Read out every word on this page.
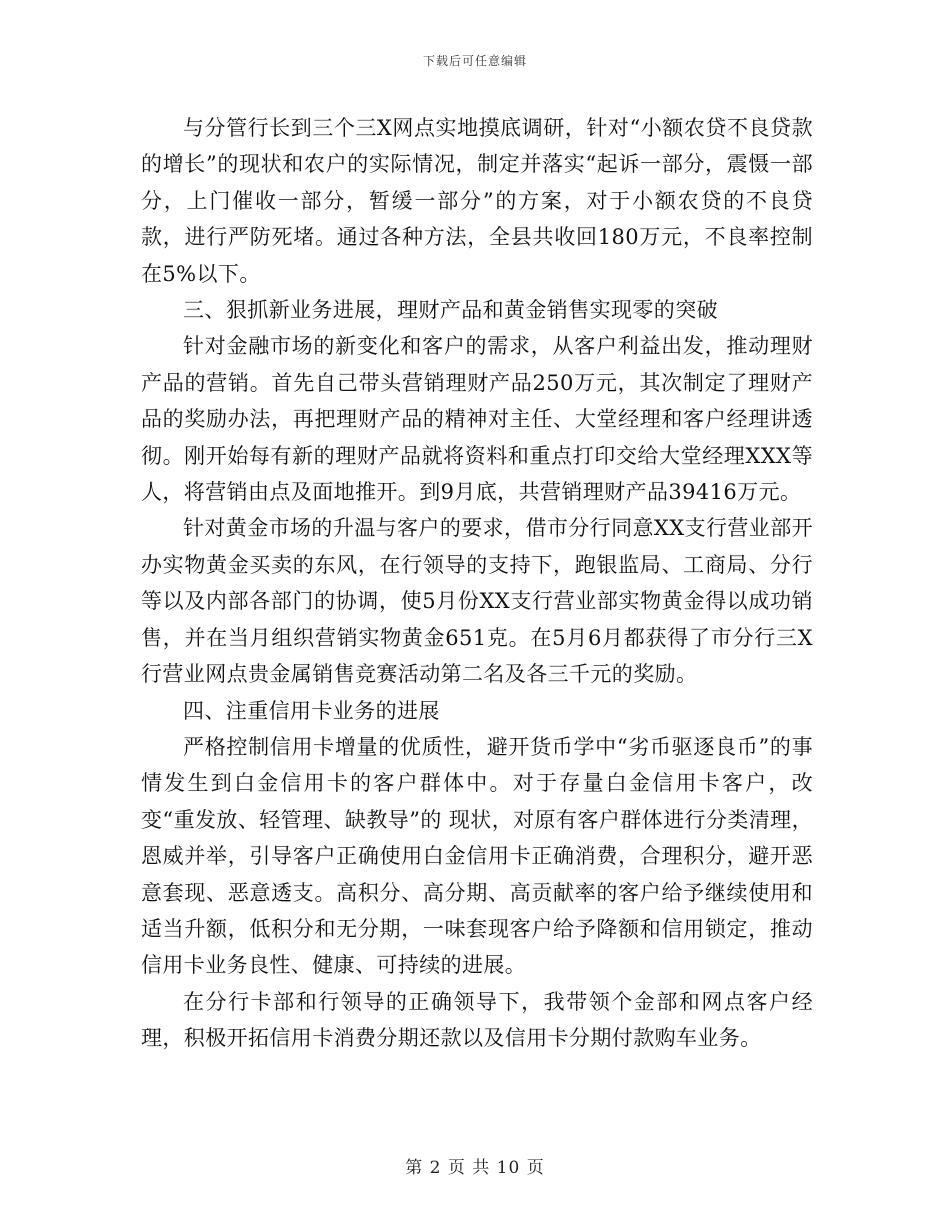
下载后可任意编辑

与分管行长到三个三X网点实地摸底调研，针对“小额农贷不良贷款的增长”的现状和农户的实际情况，制定并落实“起诉一部分，震慑一部分，上门催收一部分，暂缓一部分”的方案，对于小额农贷的不良贷款，进行严防死堵。通过各种方法，全县共收回180万元，不良率控制在5%以下。

三、狠抓新业务进展，理财产品和黄金销售实现零的突破

针对金融市场的新变化和客户的需求，从客户利益出发，推动理财产品的营销。首先自己带头营销理财产品250万元，其次制定了理财产品的奖励办法，再把理财产品的精神对主任、大堂经理和客户经理讲透彻。刚开始每有新的理财产品就将资料和重点打印交给大堂经理XXX等人，将营销由点及面地推开。到9月底，共营销理财产品39416万元。

针对黄金市场的升温与客户的要求，借市分行同意XX支行营业部开办实物黄金买卖的东风，在行领导的支持下，跑银监局、工商局、分行等以及内部各部门的协调，使5月份XX支行营业部实物黄金得以成功销售，并在当月组织营销实物黄金651克。在5月6月都获得了市分行三X行营业网点贵金属销售竞赛活动第二名及各三千元的奖励。

四、注重信用卡业务的进展

严格控制信用卡增量的优质性，避开货币学中“劣币驱逐良币”的事情发生到白金信用卡的客户群体中。对于存量白金信用卡客户，改变“重发放、轻管理、缺教导”的 现状，对原有客户群体进行分类清理，恩威并举，引导客户正确使用白金信用卡正确消费，合理积分，避开恶意套现、恶意透支。高积分、高分期、高贡献率的客户给予继续使用和适当升额，低积分和无分期，一味套现客户给予降额和信用锁定，推动信用卡业务良性、健康、可持续的进展。

在分行卡部和行领导的正确领导下，我带领个金部和网点客户经理，积极开拓信用卡消费分期还款以及信用卡分期付款购车业务。

第 2 页 共 10 页
